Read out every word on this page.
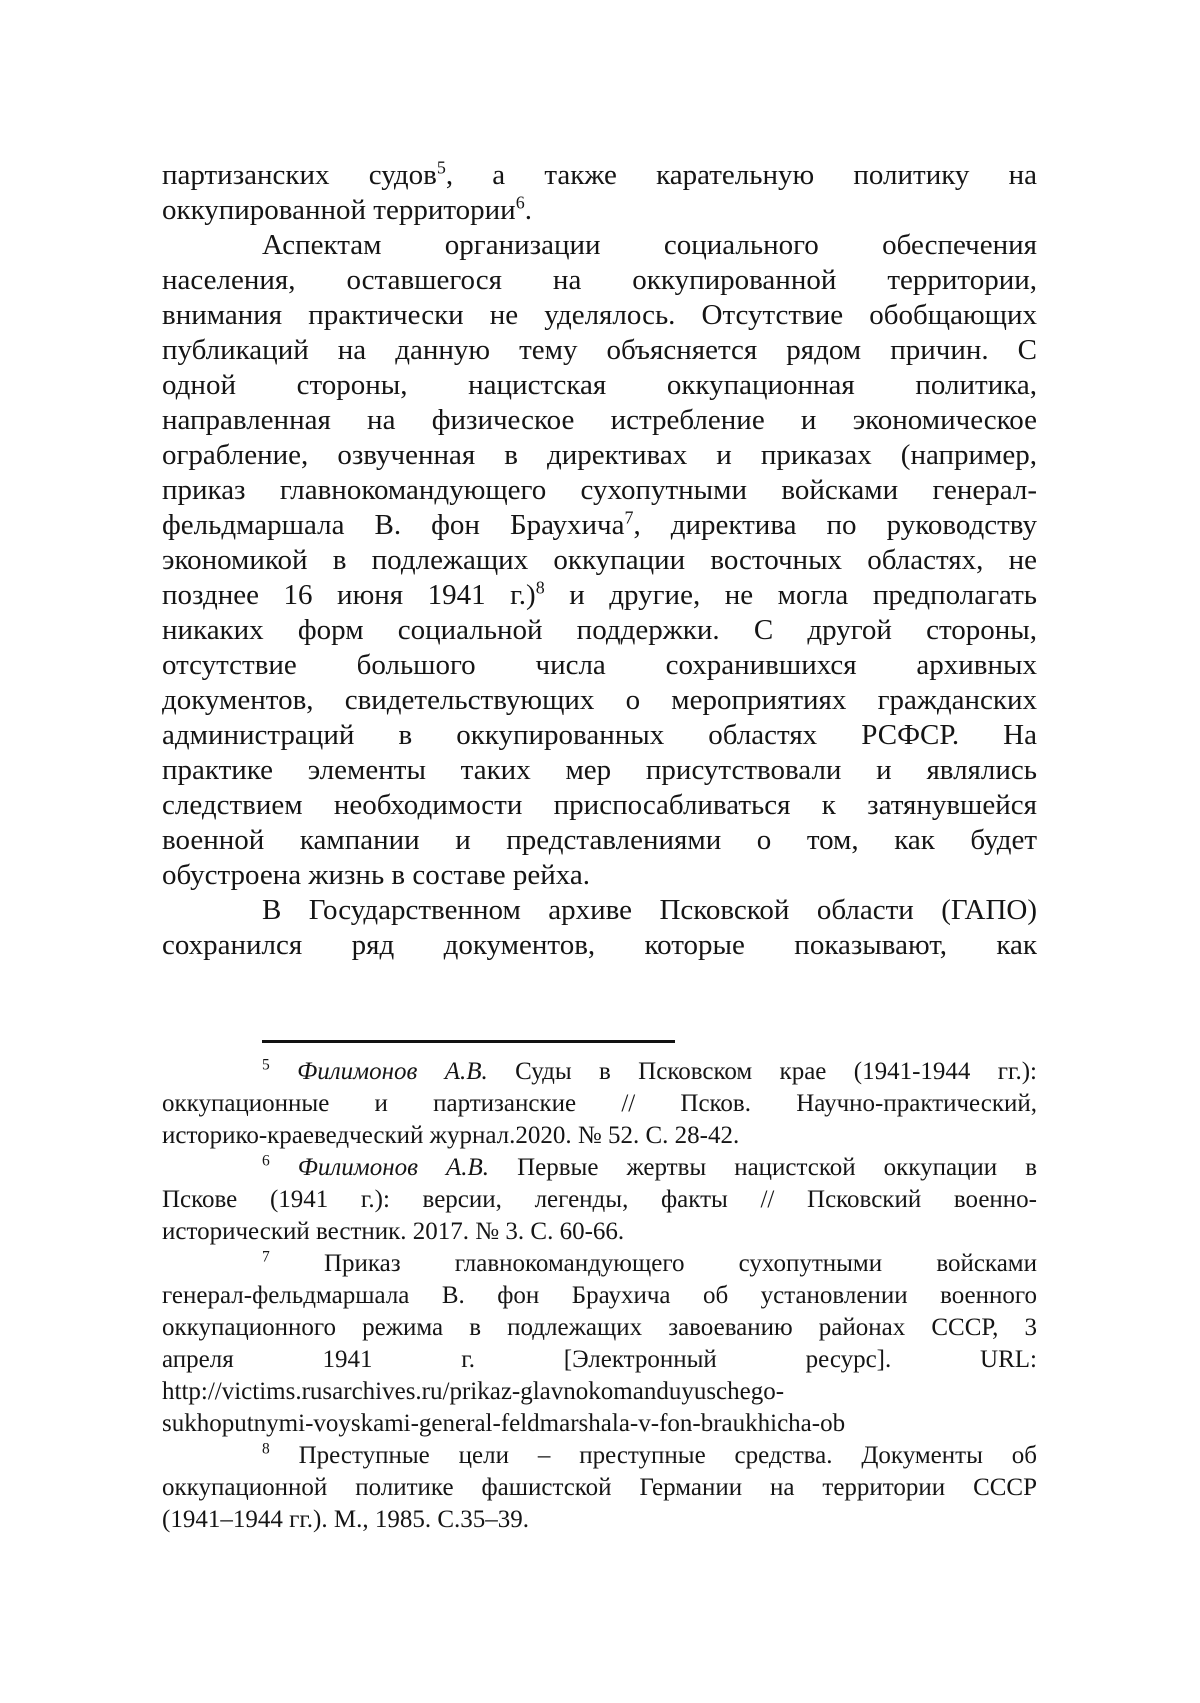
партизанских судов$^5$, а также карательную политику на
оккупированной территории$^6$.
Аспектам организации социального обеспечения
населения, оставшегося на оккупированной территории,
внимания практически не уделялось. Отсутствие обобщающих
публикаций на данную тему объясняется рядом причин. С
одной стороны, нацистская оккупационная политика,
направленная на физическое истребление и экономическое
ограбление, озвученная в директивах и приказах (например,
приказ главнокомандующего сухопутными войсками генерал-
фельдмаршала В. фон Браухича$^7$, директива по руководству
экономикой в подлежащих оккупации восточных областях, не
позднее 16 июня 1941 г.)$^8$ и другие, не могла предполагать
никаких форм социальной поддержки. С другой стороны,
отсутствие большого числа сохранившихся архивных
документов, свидетельствующих о мероприятиях гражданских
администраций в оккупированных областях РСФСР. На
практике элементы таких мер присутствовали и являлись
следствием необходимости приспосабливаться к затянувшейся
военной кампании и представлениями о том, как будет
обустроена жизнь в составе рейха.
В Государственном архиве Псковской области (ГАПО)
сохранился ряд документов, которые показывают, как
$^5$ Филимонов А.В. Суды в Псковском крае (1941-1944 гг.):
оккупационные и партизанские // Псков. Научно-практический,
историко-краеведческий журнал.2020. № 52. С. 28-42.
$^6$ Филимонов А.В. Первые жертвы нацистской оккупации в
Пскове (1941 г.): версии, легенды, факты // Псковский военно-
исторический вестник. 2017. № 3. С. 60-66.
$^7$ Приказ главнокомандующего сухопутными войсками
генерал-фельдмаршала В. фон Браухича об установлении военного
оккупационного режима в подлежащих завоеванию районах СССР, 3
апреля 1941 г. [Электронный ресурс]. URL:
http://victims.rusarchives.ru/prikaz-glavnokomanduyuschego-
sukhoputnymi-voyskami-general-feldmarshala-v-fon-braukhicha-ob
$^8$ Преступные цели – преступные средства. Документы об
оккупационной политике фашистской Германии на территории СССР
(1941–1944 гг.). М., 1985. С.35–39.
